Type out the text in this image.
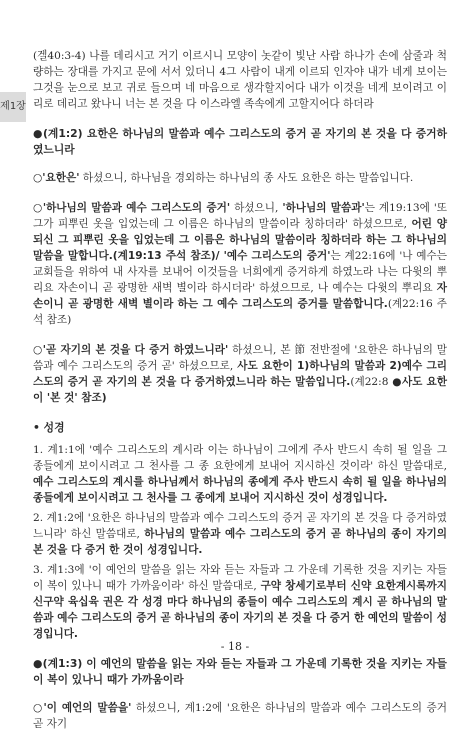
제1장

(겔40:3-4) 나를 데리시고 거기 이르시니 모양이 놋같이 빛난 사람 하나가 손에 삼줄과 척량하는 장대를 가지고 문에 서서 있더니 4그 사람이 내게 이르되 인자야 내가 네게 보이는 그것을 눈으로 보고 귀로 들으며 네 마음으로 생각할지어다 내가 이것을 네게 보이려고 이리로 데리고 왔나니 너는 본 것을 다 이스라엘 족속에게 고할지어다 하더라

●(계1:2) 요한은 하나님의 말씀과 예수 그리스도의 증거 곧 자기의 본 것을 다 증거하였느니라

○'요한은' 하셨으니, 하나님을 경외하는 하나님의 종 사도 요한은 하는 말씀입니다.

○'하나님의 말씀과 예수 그리스도의 증거' 하셨으니, '하나님의 말씀과'는 계19:13에 '또 그가 피뿌린 옷을 입었는데 그 이름은 하나님의 말씀이라 칭하더라' 하셨으므로, 어린 양 되신 그 피뿌린 옷을 입었는데 그 이름은 하나님의 말씀이라 칭하더라 하는 그 하나님의 말씀을 말합니다.(계19:13 주석 참조)/ '예수 그리스도의 증거'는 계22:16에 '나 예수는 교회들을 위하여 내 사자를 보내어 이것들을 너희에게 증거하게 하였노라 나는 다윗의 뿌리요 자손이니 곧 광명한 새벽 별이라 하시더라' 하셨으므로, 나 예수는 다윗의 뿌리요 자손이니 곧 광명한 새벽 별이라 하는 그 예수 그리스도의 증거를 말씀합니다.(계22:16 주석 참조)

○'곧 자기의 본 것을 다 증거 하였느니라' 하셨으니, 본 節 전반절에 '요한은 하나님의 말씀과 예수 그리스도의 증거 곧' 하셨으므로, 사도 요한이 1)하나님의 말씀과 2)예수 그리스도의 증거 곧 자기의 본 것을 다 증거하였느니라 하는 말씀입니다.(계22:8 ●사도 요한이 '본 것' 참조)

• 성경

1. 계1:1에 '예수 그리스도의 계시라 이는 하나님이 그에게 주사 반드시 속히 될 일을 그 종들에게 보이시려고 그 천사를 그 종 요한에게 보내어 지시하신 것이라' 하신 말씀대로, 예수 그리스도의 계시를 하나님께서 하나님의 종에게 주사 반드시 속히 될 일을 하나님의 종들에게 보이시려고 그 천사를 그 종에게 보내어 지시하신 것이 성경입니다.

2. 계1:2에 '요한은 하나님의 말씀과 예수 그리스도의 증거 곧 자기의 본 것을 다 증거하였느니라' 하신 말씀대로, 하나님의 말씀과 예수 그리스도의 증거 곧 하나님의 종이 자기의 본 것을 다 증거 한 것이 성경입니다.

3. 계1:3에 '이 예언의 말씀을 읽는 자와 듣는 자들과 그 가운데 기록한 것을 지키는 자들이 복이 있나니 때가 가까움이라' 하신 말씀대로, 구약 창세기로부터 신약 요한계시록까지 신구약 육십육 권은 각 성경 마다 하나님의 종들이 예수 그리스도의 계시 곧 하나님의 말씀과 예수 그리스도의 증거 곧 하나님의 종이 자기의 본 것을 다 증거 한 예언의 말씀이 성경입니다.

●(계1:3) 이 예언의 말씀을 읽는 자와 듣는 자들과 그 가운데 기록한 것을 지키는 자들이 복이 있나니 때가 가까움이라

○'이 예언의 말씀을' 하셨으니, 계1:2에 '요한은 하나님의 말씀과 예수 그리스도의 증거 곧 자기

- 18 -
